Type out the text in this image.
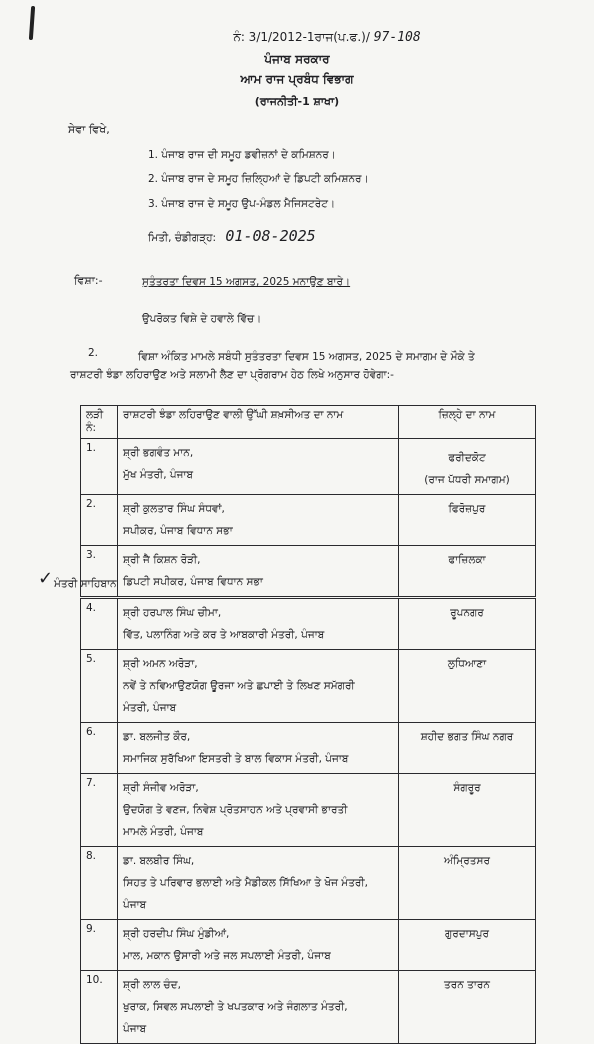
ਨੰ: 3/1/2012-1ਰਾਜ(ਪ.ਫ.)/ 97-108
ਪੰਜਾਬ ਸਰਕਾਰ
ਆਮ ਰਾਜ ਪ੍ਰਬੰਧ ਵਿਭਾਗ
(ਰਾਜਨੀਤੀ-1 ਸ਼ਾਖਾ)
ਸੇਵਾ ਵਿਖੇ,
1. ਪੰਜਾਬ ਰਾਜ ਦੀ ਸਮੂਹ ਡਵੀਜ਼ਨਾਂ ਦੇ ਕਮਿਸ਼ਨਰ।
2. ਪੰਜਾਬ ਰਾਜ ਦੇ ਸਮੂਹ ਜ਼ਿਲ੍ਹਿਆਂ ਦੇ ਡਿਪਟੀ ਕਮਿਸ਼ਨਰ।
3. ਪੰਜਾਬ ਰਾਜ ਦੇ ਸਮੂਹ ਉਪ-ਮੰਡਲ ਮੈਜਿਸਟਰੇਟ।
ਮਿਤੀ, ਚੰਡੀਗੜ੍ਹ: 01-08-2025
ਵਿਸ਼ਾ:-	ਸੁਤੰਤਰਤਾ ਦਿਵਸ 15 ਅਗਸਤ, 2025 ਮਨਾਉਣ ਬਾਰੇ।
ਉਪਰੋਕਤ ਵਿਸ਼ੇ ਦੇ ਹਵਾਲੇ ਵਿੱਚ।
2.	ਵਿਸ਼ਾ ਅੰਕਿਤ ਮਾਮਲੇ ਸਬੰਧੀ ਸੁਤੰਤਰਤਾ ਦਿਵਸ 15 ਅਗਸਤ, 2025 ਦੇ ਸਮਾਗਮ ਦੇ ਮੌਕੇ ਤੇ
ਰਾਸ਼ਟਰੀ ਝੰਡਾ ਲਹਿਰਾਉਣ ਅਤੇ ਸਲਾਮੀ ਲੈਣ ਦਾ ਪ੍ਰੋਗਰਾਮ ਹੇਠ ਲਿਖੇ ਅਨੁਸਾਰ ਹੋਵੇਗਾ:-
ਲੜੀ ਨੰ:	ਰਾਸ਼ਟਰੀ ਝੰਡਾ ਲਹਿਰਾਉਣ ਵਾਲੀ ਉੱਘੀ ਸ਼ਖ਼ਸੀਅਤ ਦਾ ਨਾਮ	ਜ਼ਿਲ੍ਹੇ ਦਾ ਨਾਮ
1.	ਸ਼੍ਰੀ ਭਗਵੰਤ ਮਾਨ,
ਮੁੱਖ ਮੰਤਰੀ, ਪੰਜਾਬ	ਫਰੀਦਕੋਟ
(ਰਾਜ ਪੱਧਰੀ ਸਮਾਗਮ)

2.	ਸ਼੍ਰੀ ਕੁਲਤਾਰ ਸਿੰਘ ਸੰਧਵਾਂ,
ਸਪੀਕਰ, ਪੰਜਾਬ ਵਿਧਾਨ ਸਭਾ	ਫਿਰੋਜ਼ਪੁਰ
3.	ਸ਼੍ਰੀ ਜੈ ਕਿਸ਼ਨ ਰੋੜੀ,
ਡਿਪਟੀ ਸਪੀਕਰ, ਪੰਜਾਬ ਵਿਧਾਨ ਸਭਾ	ਫਾਜ਼ਿਲਕਾ
✓ ਮੰਤਰੀ ਸਾਹਿਬਾਨ
4.	ਸ਼੍ਰੀ ਹਰਪਾਲ ਸਿੰਘ ਚੀਮਾ,
ਵਿੱਤ, ਪਲਾਨਿੰਗ ਅਤੇ ਕਰ ਤੇ ਆਬਕਾਰੀ ਮੰਤਰੀ, ਪੰਜਾਬ	ਰੂਪਨਗਰ
5.	ਸ਼੍ਰੀ ਅਮਨ ਅਰੋੜਾ,
ਨਵੇਂ ਤੇ ਨਵਿਆਉਣਯੋਗ ਊਰਜਾ ਅਤੇ ਛਪਾਈ ਤੇ ਲਿਖਣ ਸਮੱਗਰੀ
ਮੰਤਰੀ, ਪੰਜਾਬ	ਲੁਧਿਆਣਾ
6.	ਡਾ. ਬਲਜੀਤ ਕੌਰ,
ਸਮਾਜਿਕ ਸੁਰੱਖਿਆ ਇਸਤਰੀ ਤੇ ਬਾਲ ਵਿਕਾਸ ਮੰਤਰੀ, ਪੰਜਾਬ	ਸ਼ਹੀਦ ਭਗਤ ਸਿੰਘ ਨਗਰ
7.	ਸ਼੍ਰੀ ਸੰਜੀਵ ਅਰੋੜਾ,
ਉਦਯੋਗ ਤੇ ਵਣਜ, ਨਿਵੇਸ਼ ਪ੍ਰੋਤਸਾਹਨ ਅਤੇ ਪ੍ਰਵਾਸੀ ਭਾਰਤੀ
ਮਾਮਲੇ ਮੰਤਰੀ, ਪੰਜਾਬ	ਸੰਗਰੂਰ
8.	ਡਾ. ਬਲਬੀਰ ਸਿੰਘ,
ਸਿਹਤ ਤੇ ਪਰਿਵਾਰ ਭਲਾਈ ਅਤੇ ਮੈਡੀਕਲ ਸਿੱਖਿਆ ਤੇ ਖੋਜ ਮੰਤਰੀ,
ਪੰਜਾਬ	ਅੰਮ੍ਰਿਤਸਰ
9.	ਸ਼੍ਰੀ ਹਰਦੀਪ ਸਿੰਘ ਮੁੰਡੀਆਂ,
ਮਾਲ, ਮਕਾਨ ਉਸਾਰੀ ਅਤੇ ਜਲ ਸਪਲਾਈ ਮੰਤਰੀ, ਪੰਜਾਬ	ਗੁਰਦਾਸਪੁਰ
10.	ਸ਼੍ਰੀ ਲਾਲ ਚੰਦ,
ਖੁਰਾਕ, ਸਿਵਲ ਸਪਲਾਈ ਤੇ ਖਪਤਕਾਰ ਅਤੇ ਜੰਗਲਾਤ ਮੰਤਰੀ,
ਪੰਜਾਬ	ਤਰਨ ਤਾਰਨ
